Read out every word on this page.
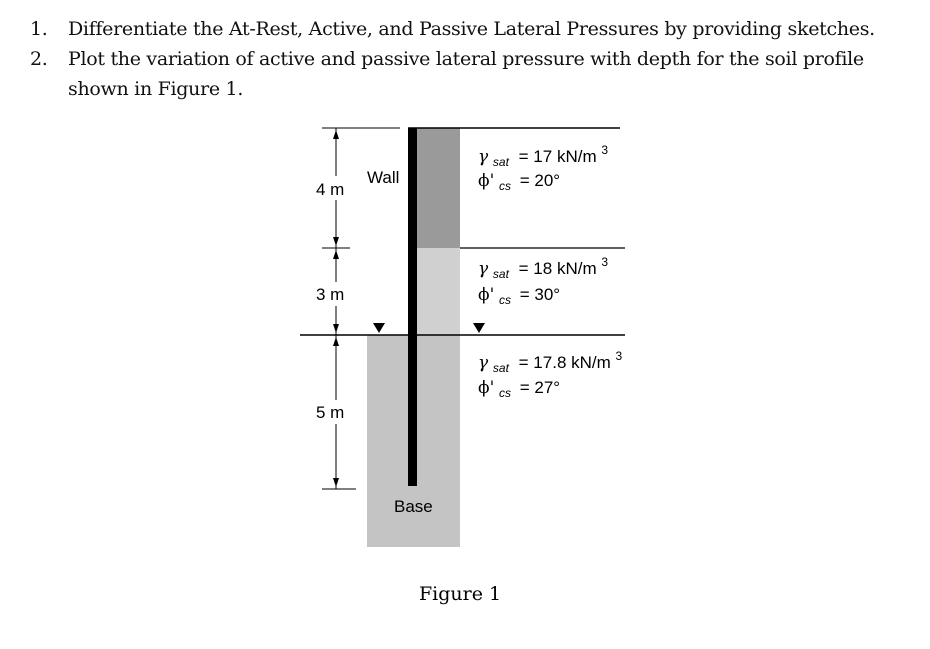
1.	Differentiate the At-Rest, Active, and Passive Lateral Pressures by providing sketches.
2.	Plot the variation of active and passive lateral pressure with depth for the soil profile shown in Figure 1.
4 m
3 m
5 m
Wall
Base
γ $_{sat}$ = 17 kN/m $^3$
ϕ' $_{cs}$ = 20°
γ $_{sat}$ = 18 kN/m $^3$
ϕ' $_{cs}$ = 30°
γ $_{sat}$ = 17.8 kN/m $^3$
ϕ' $_{cs}$ = 27°
Figure 1
